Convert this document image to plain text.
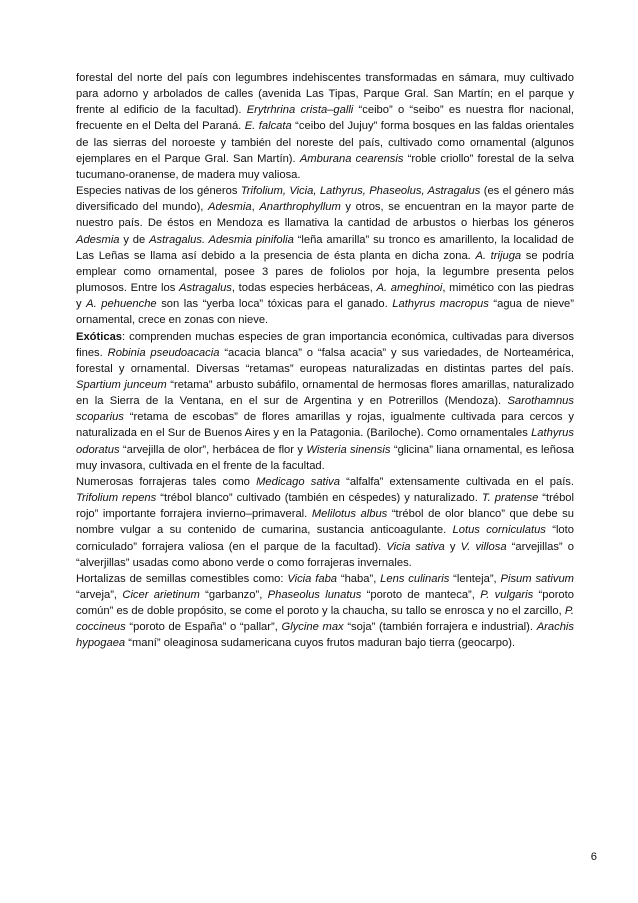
forestal del norte del país con legumbres indehiscentes transformadas en sámara, muy cultivado para adorno y arbolados de calles (avenida Las Tipas, Parque Gral. San Martín; en el parque y frente al edificio de la facultad). Erytrhrina crista–galli “ceibo” o “seibo” es nuestra flor nacional, frecuente en el Delta del Paraná. E. falcata “ceibo del Jujuy” forma bosques en las faldas orientales de las sierras del noroeste y también del noreste del país, cultivado como ornamental (algunos ejemplares en el Parque Gral. San Martín). Amburana cearensis “roble criollo” forestal de la selva tucumano-oranense, de madera muy valiosa.

Especies nativas de los géneros Trifolium, Vicia, Lathyrus, Phaseolus, Astragalus (es el género más diversificado del mundo), Adesmia, Anarthrophyllum y otros, se encuentran en la mayor parte de nuestro país. De éstos en Mendoza es llamativa la cantidad de arbustos o hierbas los géneros Adesmia y de Astragalus. Adesmia pinifolia “leña amarilla” su tronco es amarillento, la localidad de Las Leñas se llama así debido a la presencia de ésta planta en dicha zona. A. trijuga se podría emplear como ornamental, posee 3 pares de foliolos por hoja, la legumbre presenta pelos plumosos. Entre los Astragalus, todas especies herbáceas, A. ameghinoi, mimético con las piedras y A. pehuenche son las “yerba loca” tóxicas para el ganado. Lathyrus macropus “agua de nieve” ornamental, crece en zonas con nieve.

Exóticas: comprenden muchas especies de gran importancia económica, cultivadas para diversos fines. Robinia pseudoacacia “acacia blanca” o “falsa acacia” y sus variedades, de Norteamérica, forestal y ornamental. Diversas “retamas” europeas naturalizadas en distintas partes del país. Spartium junceum “retama” arbusto subáfilo, ornamental de hermosas flores amarillas, naturalizado en la Sierra de la Ventana, en el sur de Argentina y en Potrerillos (Mendoza). Sarothamnus scoparius “retama de escobas” de flores amarillas y rojas, igualmente cultivada para cercos y naturalizada en el Sur de Buenos Aires y en la Patagonia. (Bariloche). Como ornamentales Lathyrus odoratus “arvejilla de olor”, herbácea de flor y Wisteria sinensis “glicina” liana ornamental, es leñosa muy invasora, cultivada en el frente de la facultad.

Numerosas forrajeras tales como Medicago sativa “alfalfa” extensamente cultivada en el país. Trifolium repens “trébol blanco” cultivado (también en céspedes) y naturalizado. T. pratense “trébol rojo” importante forrajera invierno–primaveral. Melilotus albus “trébol de olor blanco” que debe su nombre vulgar a su contenido de cumarina, sustancia anticoagulante. Lotus corniculatus “loto corniculado” forrajera valiosa (en el parque de la facultad). Vicia sativa y V. villosa “arvejillas” o “alverjillas” usadas como abono verde o como forrajeras invernales.

Hortalizas de semillas comestibles como: Vicia faba “haba”, Lens culinaris “lenteja”, Pisum sativum “arveja”, Cicer arietinum “garbanzo”, Phaseolus lunatus “poroto de manteca”, P. vulgaris “poroto común” es de doble propósito, se come el poroto y la chaucha, su tallo se enrosca y no el zarcillo, P. coccineus “poroto de España” o “pallar”, Glycine max “soja” (también forrajera e industrial). Arachis hypogaea “maní” oleaginosa sudamericana cuyos frutos maduran bajo tierra (geocarpo).

6
